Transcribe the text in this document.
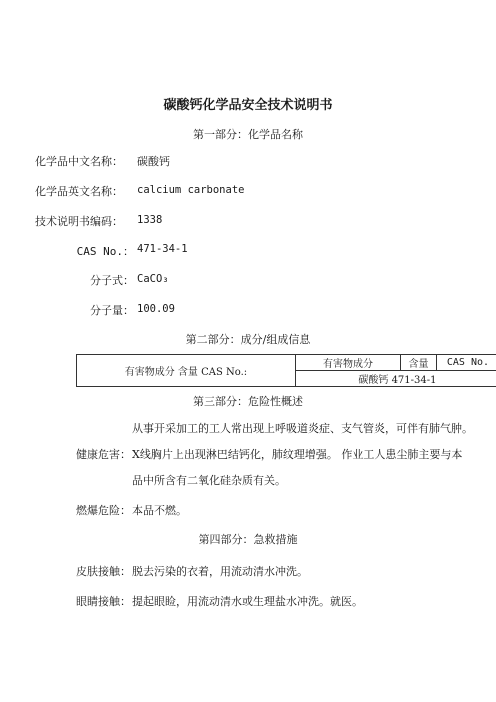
碳酸钙化学品安全技术说明书
第一部分：化学品名称
化学品中文名称： 碳酸钙
化学品英文名称： calcium carbonate
技术说明书编码： 1338
CAS No.： 471-34-1
分子式： CaCO₃
分子量： 100.09
第二部分：成分/组成信息
有害物成分 含量 CAS No.:	有害物成分	含量	CAS No.
碳酸钙 471-34-1
第三部分：危险性概述
健康危害：
从事开采加工的工人常出现上呼吸道炎症、支气管炎，可伴有肺气肿。
X线胸片上出现淋巴结钙化，肺纹理增强。 作业工人患尘肺主要与本
品中所含有二氧化硅杂质有关。
燃爆危险： 本品不燃。
第四部分：急救措施
皮肤接触： 脱去污染的衣着，用流动清水冲洗。
眼睛接触： 提起眼睑，用流动清水或生理盐水冲洗。就医。
